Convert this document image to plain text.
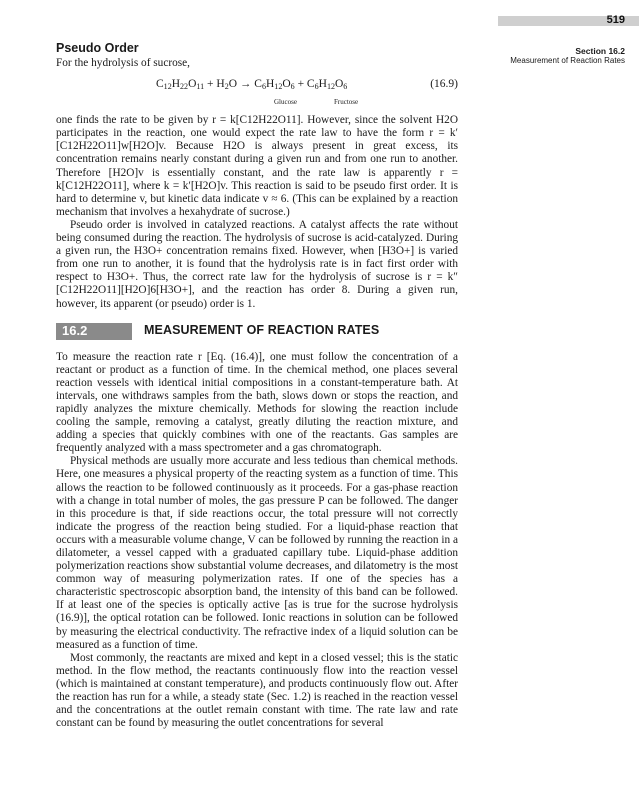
519
Section 16.2
Measurement of Reaction Rates
Pseudo Order

For the hydrolysis of sucrose,

$C_{12}H_{22}O_{11} + H_2O \to C_6H_{12}O_6 + C_6H_{12}O_6$	(16.9)
Glucose	Fructose

one finds the rate to be given by r = k[C12H22O11]. However, since the solvent H2O participates in the reaction, one would expect the rate law to have the form r = k′[C12H22O11]w[H2O]v. Because H2O is always present in great excess, its concentration remains nearly constant during a given run and from one run to another. Therefore [H2O]v is essentially constant, and the rate law is apparently r = k[C12H22O11], where k = k′[H2O]v. This reaction is said to be pseudo first order. It is hard to determine v, but kinetic data indicate v ≈ 6. (This can be explained by a reaction mechanism that involves a hexahydrate of sucrose.)

Pseudo order is involved in catalyzed reactions. A catalyst affects the rate without being consumed during the reaction. The hydrolysis of sucrose is acid-catalyzed. During a given run, the H3O+ concentration remains fixed. However, when [H3O+] is varied from one run to another, it is found that the hydrolysis rate is in fact first order with respect to H3O+. Thus, the correct rate law for the hydrolysis of sucrose is r = k″[C12H22O11][H2O]6[H3O+], and the reaction has order 8. During a given run, however, its apparent (or pseudo) order is 1.

16.2	MEASUREMENT OF REACTION RATES

To measure the reaction rate r [Eq. (16.4)], one must follow the concentration of a reactant or product as a function of time. In the chemical method, one places several reaction vessels with identical initial compositions in a constant-temperature bath. At intervals, one withdraws samples from the bath, slows down or stops the reaction, and rapidly analyzes the mixture chemically. Methods for slowing the reaction include cooling the sample, removing a catalyst, greatly diluting the reaction mixture, and adding a species that quickly combines with one of the reactants. Gas samples are frequently analyzed with a mass spectrometer and a gas chromatograph.

Physical methods are usually more accurate and less tedious than chemical methods. Here, one measures a physical property of the reacting system as a function of time. This allows the reaction to be followed continuously as it proceeds. For a gas-phase reaction with a change in total number of moles, the gas pressure P can be followed. The danger in this procedure is that, if side reactions occur, the total pressure will not correctly indicate the progress of the reaction being studied. For a liquid-phase reaction that occurs with a measurable volume change, V can be followed by running the reaction in a dilatometer, a vessel capped with a graduated capillary tube. Liquid-phase addition polymerization reactions show substantial volume decreases, and dilatometry is the most common way of measuring polymerization rates. If one of the species has a characteristic spectroscopic absorption band, the intensity of this band can be followed. If at least one of the species is optically active [as is true for the sucrose hydrolysis (16.9)], the optical rotation can be followed. Ionic reactions in solution can be followed by measuring the electrical conductivity. The refractive index of a liquid solution can be measured as a function of time.

Most commonly, the reactants are mixed and kept in a closed vessel; this is the static method. In the flow method, the reactants continuously flow into the reaction vessel (which is maintained at constant temperature), and products continuously flow out. After the reaction has run for a while, a steady state (Sec. 1.2) is reached in the reaction vessel and the concentrations at the outlet remain constant with time. The rate law and rate constant can be found by measuring the outlet concentrations for several
